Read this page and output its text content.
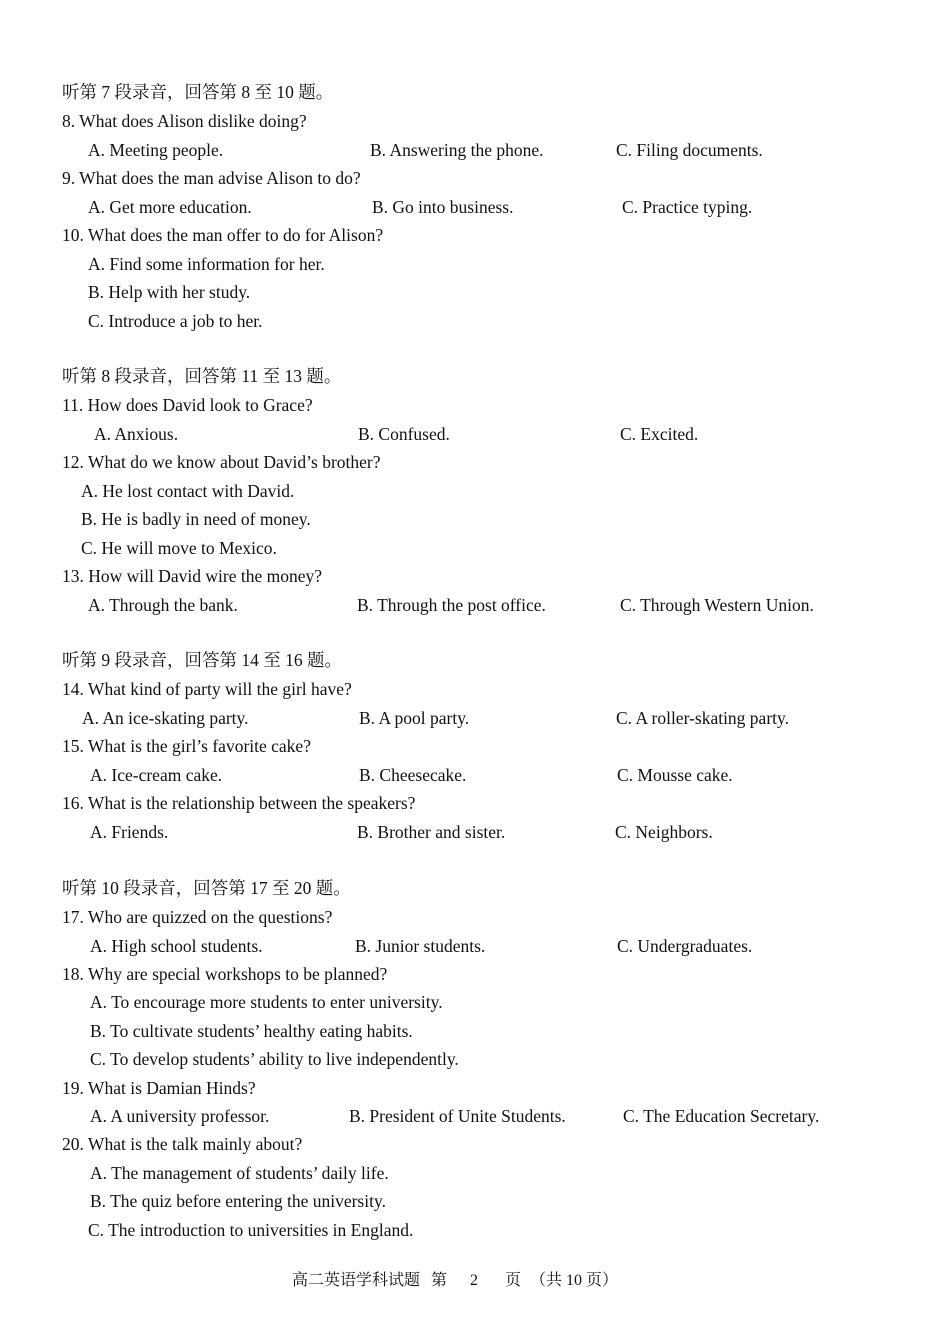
听第 7 段录音，回答第 8 至 10 题。
8. What does Alison dislike doing?
A. Meeting people.	B. Answering the phone.	C. Filing documents.
9. What does the man advise Alison to do?
A. Get more education.	B. Go into business.	C. Practice typing.
10. What does the man offer to do for Alison?
A. Find some information for her.
B. Help with her study.
C. Introduce a job to her.
听第 8 段录音，回答第 11 至 13 题。
11. How does David look to Grace?
A. Anxious.	B. Confused.	C. Excited.
12. What do we know about David’s brother?
A. He lost contact with David.
B. He is badly in need of money.
C. He will move to Mexico.
13. How will David wire the money?
A. Through the bank.	B. Through the post office.	C. Through Western Union.
听第 9 段录音，回答第 14 至 16 题。
14. What kind of party will the girl have?
A. An ice-skating party.	B. A pool party.	C. A roller-skating party.
15. What is the girl’s favorite cake?
A. Ice-cream cake.	B. Cheesecake.	C. Mousse cake.
16. What is the relationship between the speakers?
A. Friends.	B. Brother and sister.	C. Neighbors.
听第 10 段录音，回答第 17 至 20 题。
17. Who are quizzed on the questions?
A. High school students.	B. Junior students.	C. Undergraduates.
18. Why are special workshops to be planned?
A. To encourage more students to enter university.
B. To cultivate students’ healthy eating habits.
C. To develop students’ ability to live independently.
19. What is Damian Hinds?
A. A university professor.	B. President of Unite Students.	C. The Education Secretary.
20. What is the talk mainly about?
A. The management of students’ daily life.
B. The quiz before entering the university.
C. The introduction to universities in England.
高二英语学科试题 第 2 页 （共 10 页）
